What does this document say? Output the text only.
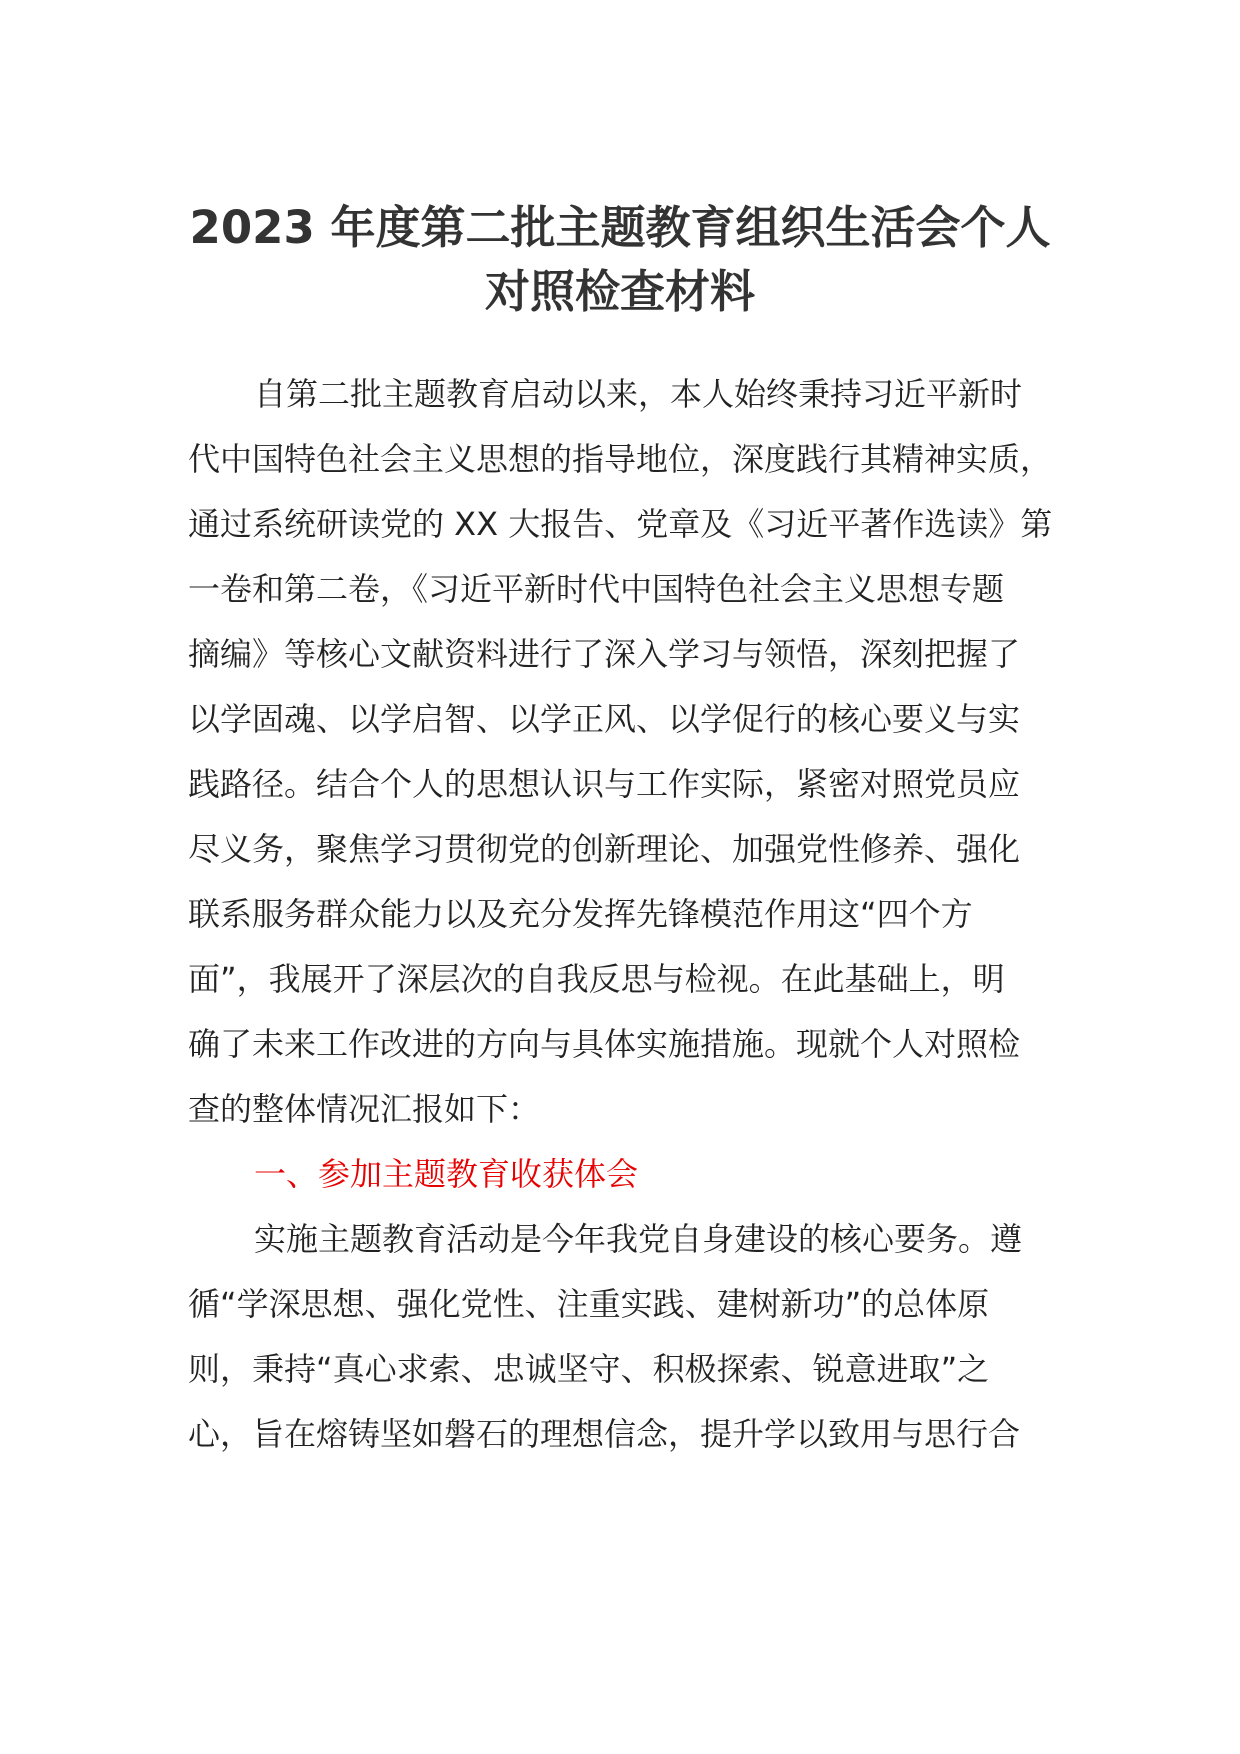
2023 年度第二批主题教育组织生活会个人
对照检查材料
自第二批主题教育启动以来，本人始终秉持习近平新时
代中国特色社会主义思想的指导地位，深度践行其精神实质，
通过系统研读党的 XX 大报告、党章及《习近平著作选读》第
一卷和第二卷，《习近平新时代中国特色社会主义思想专题
摘编》等核心文献资料进行了深入学习与领悟，深刻把握了
以学固魂、以学启智、以学正风、以学促行的核心要义与实
践路径。结合个人的思想认识与工作实际，紧密对照党员应
尽义务，聚焦学习贯彻党的创新理论、加强党性修养、强化
联系服务群众能力以及充分发挥先锋模范作用这“四个方
面”，我展开了深层次的自我反思与检视。在此基础上，明
确了未来工作改进的方向与具体实施措施。现就个人对照检
查的整体情况汇报如下：
一、参加主题教育收获体会
实施主题教育活动是今年我党自身建设的核心要务。遵
循“学深思想、强化党性、注重实践、建树新功”的总体原
则，秉持“真心求索、忠诚坚守、积极探索、锐意进取”之
心，旨在熔铸坚如磐石的理想信念，提升学以致用与思行合
